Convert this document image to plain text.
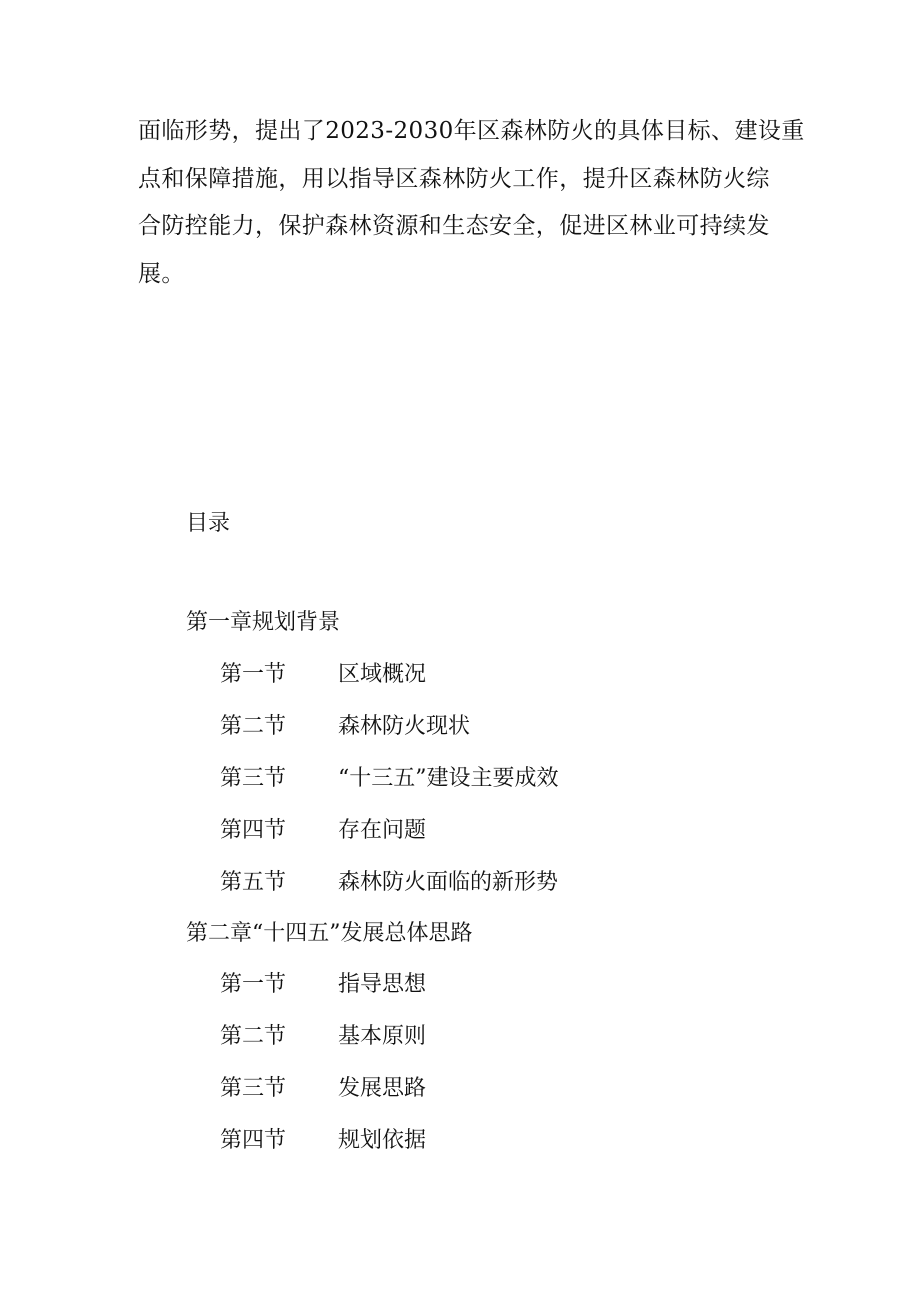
面临形势，提出了2023-2030年区森林防火的具体目标、建设重
点和保障措施，用以指导区森林防火工作，提升区森林防火综
合防控能力，保护森林资源和生态安全，促进区林业可持续发
展。
目录
第一章规划背景
第一节 区域概况
第二节 森林防火现状
第三节 “十三五”建设主要成效
第四节 存在问题
第五节 森林防火面临的新形势
第二章“十四五”发展总体思路
第一节 指导思想
第二节 基本原则
第三节 发展思路
第四节 规划依据
